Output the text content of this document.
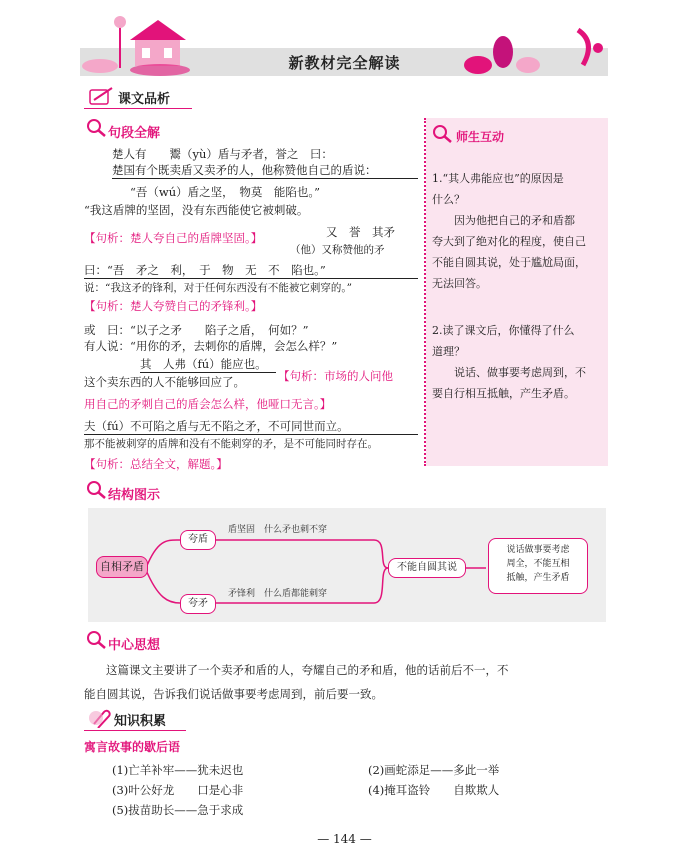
新教材完全解读
课文品析
句段全解
楚人有　　鬻（yù）盾与矛者，誉之　曰：
楚国有个既卖盾又卖矛的人，他称赞他自己的盾说：
“吾（wú）盾之坚，　物莫　能陷也。”
“我这盾牌的坚固，没有东西能使它被刺破。
【句析：楚人夸自己的盾牌坚固。】	又　誉　其矛
（他）又称赞他的矛
曰：“吾　矛之　利，　于　物　无　不　陷也。”
说：“我这矛的锋利，对于任何东西没有不能被它刺穿的。”
【句析：楚人夸赞自己的矛锋利。】
或　曰：“以子之矛　　陷子之盾，　何如？”
有人说：“用你的矛，去刺你的盾牌，会怎么样？”
其　人弗（fú）能应也。
【句析：市场的人问他
这个卖东西的人不能够回应了。
用自己的矛刺自己的盾会怎么样，他哑口无言。】
夫（fú）不可陷之盾与无不陷之矛，不可同世而立。
那不能被刺穿的盾牌和没有不能刺穿的矛，是不可能同时存在。
【句析：总结全文，解题。】
师生互动
1.“其人弗能应也”的原因是
什么？
因为他把自己的矛和盾都
夸大到了绝对化的程度，使自己
不能自圆其说，处于尴尬局面，
无法回答。
2.读了课文后，你懂得了什么
道理？
说话、做事要考虑周到，不
要自行相互抵触，产生矛盾。
结构图示
自相矛盾
夸盾
盾坚固　什么矛也刺不穿
夸矛
矛锋利　什么盾都能刺穿
不能自圆其说
说话做事要考虑
周全，不能互相
抵触，产生矛盾
中心思想
这篇课文主要讲了一个卖矛和盾的人，夸耀自己的矛和盾，他的话前后不一，不
能自圆其说，告诉我们说话做事要考虑周到，前后要一致。
知识积累
寓言故事的歇后语
(1)亡羊补牢——犹未迟也	(2)画蛇添足——多此一举
(3)叶公好龙　　口是心非	(4)掩耳盗铃　　自欺欺人
(5)拔苗助长——急于求成
— 144 —
